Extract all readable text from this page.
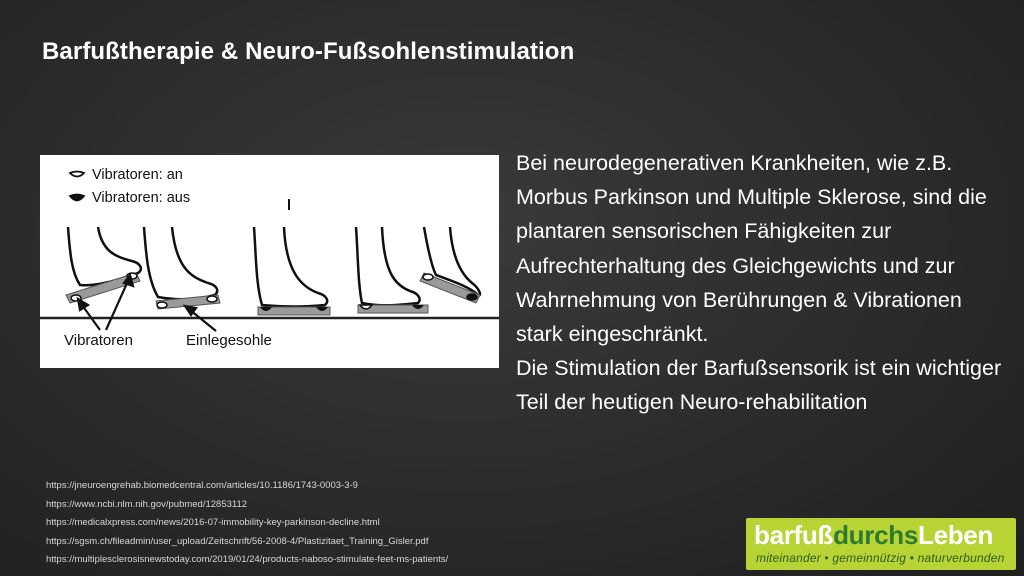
Barfußtherapie & Neuro-Fußsohlenstimulation
Vibratoren: an
Vibratoren: aus
Vibratoren	Einlegesohle

Bei neurodegenerativen Krankheiten, wie z.B. Morbus Parkinson und Multiple Sklerose, sind die plantaren sensorischen Fähigkeiten zur Aufrechterhaltung des Gleichgewichts und zur Wahrnehmung von Berührungen & Vibrationen stark eingeschränkt.

Die Stimulation der Barfußsensorik ist ein wichtiger Teil der heutigen Neuro-rehabilitation

https://jneuroengrehab.biomedcentral.com/articles/10.1186/1743-0003-3-9
https://www.ncbi.nlm.nih.gov/pubmed/12853112
https://medicalxpress.com/news/2016-07-immobility-key-parkinson-decline.html
https://sgsm.ch/fileadmin/user_upload/Zeitschrift/56-2008-4/Plastizitaet_Training_Gisler.pdf
https://multiplesclerosisnewstoday.com/2019/01/24/products-naboso-stimulate-feet-ms-patients/
barfußdurchsLeben
miteinander • gemeinnützig • naturverbunden
